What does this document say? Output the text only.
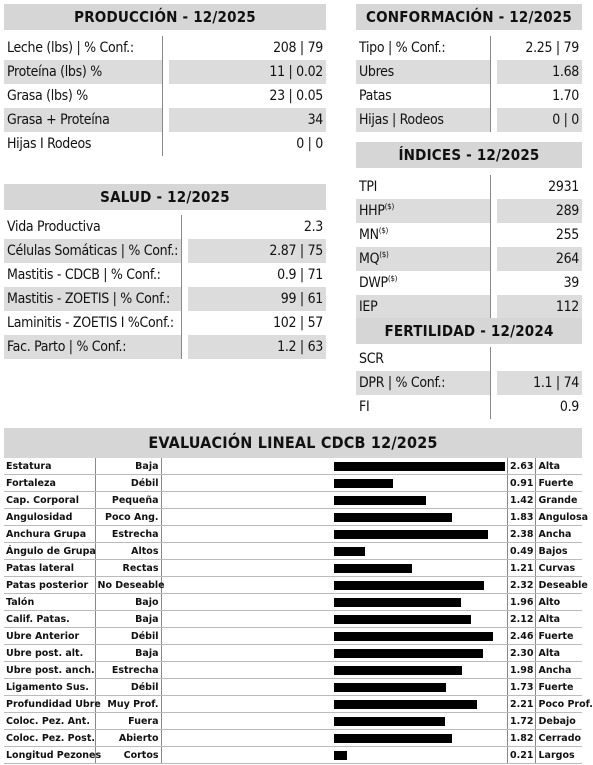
PRODUCCIÓN - 12/2025
Leche (lbs) | % Conf.:		208 | 79
Proteína (lbs) %		11 | 0.02
Grasa (lbs) %		23 | 0.05
Grasa + Proteína		34
Hijas I Rodeos		0 | 0
SALUD - 12/2025
Vida Productiva		2.3
Células Somáticas | % Conf.:		2.87 | 75
Mastitis - CDCB | % Conf.:		0.9 | 71
Mastitis - ZOETIS | % Conf.:		99 | 61
Laminitis - ZOETIS I %Conf.:		102 | 57
Fac. Parto | % Conf.:		1.2 | 63
CONFORMACIÓN - 12/2025
Tipo | % Conf.:		2.25 | 79
Ubres		1.68
Patas		1.70
Hijas | Rodeos		0 | 0
ÍNDICES - 12/2025
TPI		2931
HHP($)		289
MN($)		255
MQ($)		264
DWP($)		39
IEP		112
FERTILIDAD - 12/2024
SCR		
DPR | % Conf.:		1.1 | 74
FI		0.9
EVALUACIÓN LINEAL CDCB 12/2025
Estatura	Baja		2.63	Alta
Fortaleza	Débil		0.91	Fuerte
Cap. Corporal	Pequeña		1.42	Grande
Angulosidad	Poco Ang.		1.83	Angulosa
Anchura Grupa	Estrecha		2.38	Ancha
Ángulo de Grupa	Altos		0.49	Bajos
Patas lateral	Rectas		1.21	Curvas
Patas posterior	No Deseable		2.32	Deseable
Talón	Bajo		1.96	Alto
Calif. Patas.	Baja		2.12	Alta
Ubre Anterior	Débil		2.46	Fuerte
Ubre post. alt.	Baja		2.30	Alta
Ubre post. anch.	Estrecha		1.98	Ancha
Ligamento Sus.	Débil		1.73	Fuerte
Profundidad Ubre	Muy Prof.		2.21	Poco Prof.
Coloc. Pez. Ant.	Fuera		1.72	Debajo
Coloc. Pez. Post.	Abierto		1.82	Cerrado
Longitud Pezones	Cortos		0.21	Largos
